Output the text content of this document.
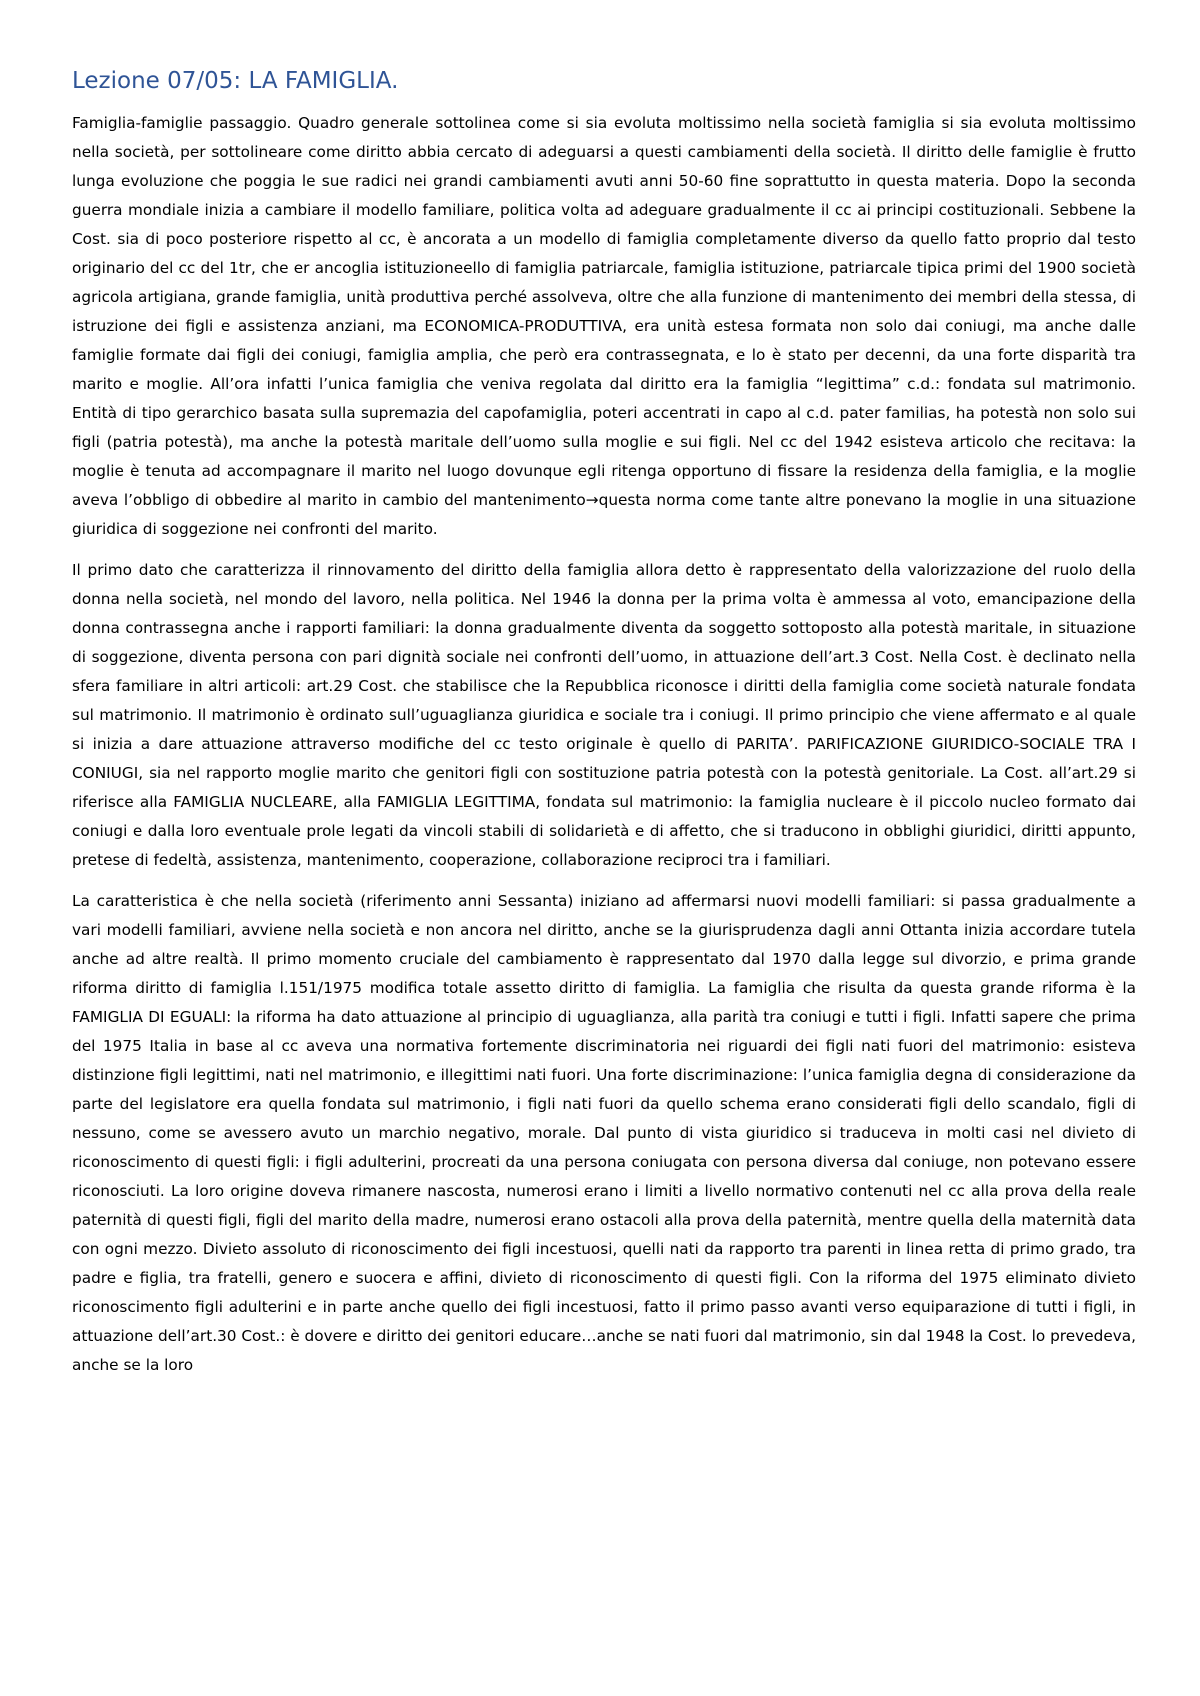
Lezione 07/05: LA FAMIGLIA.

Famiglia-famiglie passaggio. Quadro generale sottolinea come si sia evoluta moltissimo nella società famiglia si sia evoluta moltissimo nella società, per sottolineare come diritto abbia cercato di adeguarsi a questi cambiamenti della società. Il diritto delle famiglie è frutto lunga evoluzione che poggia le sue radici nei grandi cambiamenti avuti anni 50-60 fine soprattutto in questa materia. Dopo la seconda guerra mondiale inizia a cambiare il modello familiare, politica volta ad adeguare gradualmente il cc ai principi costituzionali. Sebbene la Cost. sia di poco posteriore rispetto al cc, è ancorata a un modello di famiglia completamente diverso da quello fatto proprio dal testo originario del cc del 1tr, che er ancoglia istituzioneello di famiglia patriarcale, famiglia istituzione, patriarcale tipica primi del 1900 società agricola artigiana, grande famiglia, unità produttiva perché assolveva, oltre che alla funzione di mantenimento dei membri della stessa, di istruzione dei figli e assistenza anziani, ma ECONOMICA-PRODUTTIVA, era unità estesa formata non solo dai coniugi, ma anche dalle famiglie formate dai figli dei coniugi, famiglia amplia, che però era contrassegnata, e lo è stato per decenni, da una forte disparità tra marito e moglie. All’ora infatti l’unica famiglia che veniva regolata dal diritto era la famiglia “legittima” c.d.: fondata sul matrimonio. Entità di tipo gerarchico basata sulla supremazia del capofamiglia, poteri accentrati in capo al c.d. pater familias, ha potestà non solo sui figli (patria potestà), ma anche la potestà maritale dell’uomo sulla moglie e sui figli. Nel cc del 1942 esisteva articolo che recitava: la moglie è tenuta ad accompagnare il marito nel luogo dovunque egli ritenga opportuno di fissare la residenza della famiglia, e la moglie aveva l’obbligo di obbedire al marito in cambio del mantenimento→questa norma come tante altre ponevano la moglie in una situazione giuridica di soggezione nei confronti del marito.

Il primo dato che caratterizza il rinnovamento del diritto della famiglia allora detto è rappresentato della valorizzazione del ruolo della donna nella società, nel mondo del lavoro, nella politica. Nel 1946 la donna per la prima volta è ammessa al voto, emancipazione della donna contrassegna anche i rapporti familiari: la donna gradualmente diventa da soggetto sottoposto alla potestà maritale, in situazione di soggezione, diventa persona con pari dignità sociale nei confronti dell’uomo, in attuazione dell’art.3 Cost. Nella Cost. è declinato nella sfera familiare in altri articoli: art.29 Cost. che stabilisce che la Repubblica riconosce i diritti della famiglia come società naturale fondata sul matrimonio. Il matrimonio è ordinato sull’uguaglianza giuridica e sociale tra i coniugi. Il primo principio che viene affermato e al quale si inizia a dare attuazione attraverso modifiche del cc testo originale è quello di PARITA’. PARIFICAZIONE GIURIDICO-SOCIALE TRA I CONIUGI, sia nel rapporto moglie marito che genitori figli con sostituzione patria potestà con la potestà genitoriale. La Cost. all’art.29 si riferisce alla FAMIGLIA NUCLEARE, alla FAMIGLIA LEGITTIMA, fondata sul matrimonio: la famiglia nucleare è il piccolo nucleo formato dai coniugi e dalla loro eventuale prole legati da vincoli stabili di solidarietà e di affetto, che si traducono in obblighi giuridici, diritti appunto, pretese di fedeltà, assistenza, mantenimento, cooperazione, collaborazione reciproci tra i familiari.

La caratteristica è che nella società (riferimento anni Sessanta) iniziano ad affermarsi nuovi modelli familiari: si passa gradualmente a vari modelli familiari, avviene nella società e non ancora nel diritto, anche se la giurisprudenza dagli anni Ottanta inizia accordare tutela anche ad altre realtà. Il primo momento cruciale del cambiamento è rappresentato dal 1970 dalla legge sul divorzio, e prima grande riforma diritto di famiglia l.151/1975 modifica totale assetto diritto di famiglia. La famiglia che risulta da questa grande riforma è la FAMIGLIA DI EGUALI: la riforma ha dato attuazione al principio di uguaglianza, alla parità tra coniugi e tutti i figli. Infatti sapere che prima del 1975 Italia in base al cc aveva una normativa fortemente discriminatoria nei riguardi dei figli nati fuori del matrimonio: esisteva distinzione figli legittimi, nati nel matrimonio, e illegittimi nati fuori. Una forte discriminazione: l’unica famiglia degna di considerazione da parte del legislatore era quella fondata sul matrimonio, i figli nati fuori da quello schema erano considerati figli dello scandalo, figli di nessuno, come se avessero avuto un marchio negativo, morale. Dal punto di vista giuridico si traduceva in molti casi nel divieto di riconoscimento di questi figli: i figli adulterini, procreati da una persona coniugata con persona diversa dal coniuge, non potevano essere riconosciuti. La loro origine doveva rimanere nascosta, numerosi erano i limiti a livello normativo contenuti nel cc alla prova della reale paternità di questi figli, figli del marito della madre, numerosi erano ostacoli alla prova della paternità, mentre quella della maternità data con ogni mezzo. Divieto assoluto di riconoscimento dei figli incestuosi, quelli nati da rapporto tra parenti in linea retta di primo grado, tra padre e figlia, tra fratelli, genero e suocera e affini, divieto di riconoscimento di questi figli. Con la riforma del 1975 eliminato divieto riconoscimento figli adulterini e in parte anche quello dei figli incestuosi, fatto il primo passo avanti verso equiparazione di tutti i figli, in attuazione dell’art.30 Cost.: è dovere e diritto dei genitori educare…anche se nati fuori dal matrimonio, sin dal 1948 la Cost. lo prevedeva, anche se la loro
